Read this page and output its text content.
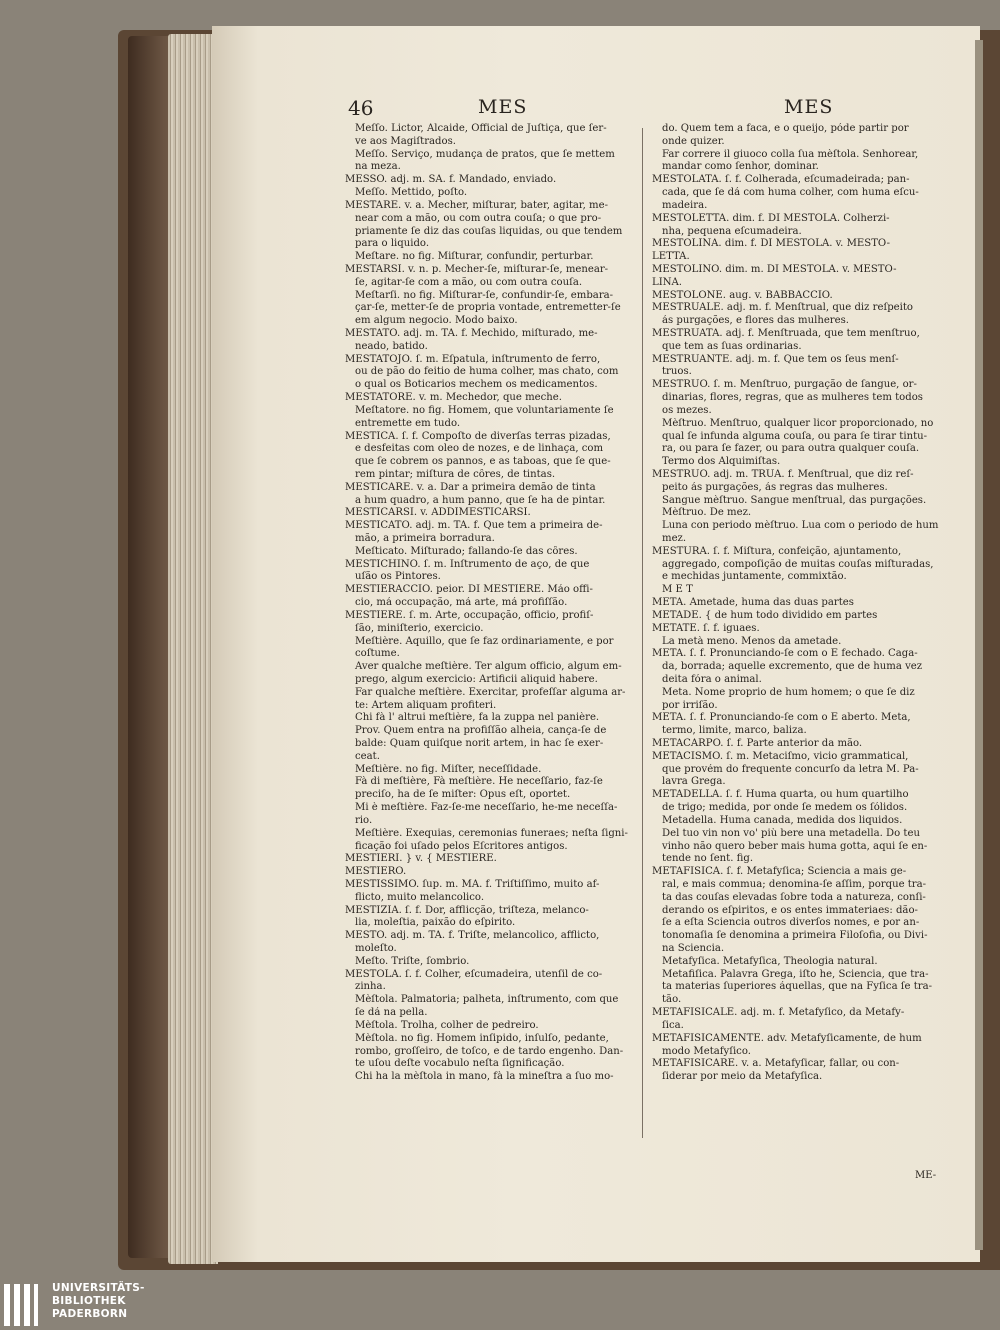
46	MES	MES
Meſſo. Lictor, Alcaide, Official de Juſtiça, que ſer-
ve aos Magiſtrados.
Meſſo. Serviço, mudança de pratos, que ſe mettem
na meza.
MESSO. adj. m. SA. f. Mandado, enviado.
Meſſo. Mettido, poſto.
MESTARE. v. a. Mecher, miſturar, bater, agitar, me-
near com a mão, ou com outra couſa; o que pro-
priamente ſe diz das couſas liquidas, ou que tendem
para o liquido.
Meſtare. no fig. Miſturar, confundir, perturbar.
MESTARSI. v. n. p. Mecher-ſe, miſturar-ſe, menear-
ſe, agitar-ſe com a mão, ou com outra couſa.
Meſtarſi. no fig. Miſturar-ſe, confundir-ſe, embara-
çar-ſe, metter-ſe de propria vontade, entremetter-ſe
em algum negocio. Modo baixo.
MESTATO. adj. m. TA. f. Mechido, miſturado, me-
neado, batido.
MESTATÒJO. ſ. m. Eſpatula, inſtrumento de ferro,
ou de pão do feitio de huma colher, mas chato, com
o qual os Boticarios mechem os medicamentos.
MESTATORE. v. m. Mechedor, que meche.
Meſtatore. no fig. Homem, que voluntariamente ſe
entremette em tudo.
MESTICA. ſ. f. Compoſto de diverſas terras pizadas,
e desfeitas com oleo de nozes, e de linhaça, com
que ſe cobrem os pannos, e as taboas, que ſe que-
rem pintar; miſtura de côres, de tintas.
MESTICARE. v. a. Dar a primeira demão de tinta
a hum quadro, a hum panno, que ſe ha de pintar.
MESTICARSI. v. ADDIMESTICARSI.
MESTICATO. adj. m. TA. f. Que tem a primeira de-
mão, a primeira borradura.
Meſticato. Miſturado; fallando-ſe das côres.
MESTICHINO. ſ. m. Inſtrumento de aço, de que
uſão os Pintores.
MESTIERÀCCIO. peior. DI MESTIÈRE. Máo offi-
cio, má occupação, má arte, má profiſſão.
MESTIÈRE. ſ. m. Arte, occupação, officio, profiſ-
ſão, miniſterio, exercicio.
Meſtière. Aquillo, que ſe faz ordinariamente, e por
coſtume.
Aver qualche meſtière. Ter algum officio, algum em-
prego, algum exercicio: Artificii aliquid habere.
Far qualche meſtière. Exercitar, profeſſar alguma ar-
te: Artem aliquam profiteri.
Chi fà l' altrui meſtière, fa la zuppa nel panière.
Prov. Quem entra na profiſſão alheia, cança-ſe de
balde: Quam quiſque norit artem, in hac ſe exer-
ceat.
Meſtière. no fig. Miſter, neceſſidade.
Fà di meſtière, Fà meſtière. He neceſſario, faz-ſe
preciſo, ha de ſe miſter: Opus eſt, oportet.
Mi è meſtière. Faz-ſe-me neceſſario, he-me neceſſa-
rio.
Meſtière. Exequias, ceremonias funeraes; neſta ſigni-
ficação foi uſado pelos Eſcritores antigos.
MESTIÈRI. } v. { MESTIÈRE.
MESTIÈRO.
MESTISSIMO. ſup. m. MA. f. Triſtiſſimo, muito af-
flicto, muito melancolico.
MESTÌZIA. ſ. f. Dor, afflicção, triſteza, melanco-
lia, moleſtia, paixão do eſpirito.
MESTO. adj. m. TA. f. Triſte, melancolico, afflicto,
moleſto.
Meſto. Triſte, ſombrio.
MÈSTOLA. ſ. f. Colher, eſcumadeira, utenſil de co-
zinha.
Mèſtola. Palmatoria; palheta, inſtrumento, com que
ſe dá na pella.
Mèſtola. Trolha, colher de pedreiro.
Mèſtola. no fig. Homem inſipido, inſulſo, pedante,
rombo, groſſeiro, de toſco, e de tardo engenho. Dan-
te uſou deſte vocabulo neſta ſignificação.
Chi ha la mèſtola in mano, fà la mineſtra a ſuo mo-
do. Quem tem a faca, e o queijo, póde partir por
onde quizer.
Far correre il giuoco colla ſua mèſtola. Senhorear,
mandar como ſenhor, dominar.
MESTOLÀTA. ſ. f. Colherada, eſcumadeirada; pan-
cada, que ſe dá com huma colher, com huma eſcu-
madeira.
MESTOLETTA. dim. f. DI MÈSTOLA. Colherzi-
nha, pequena eſcumadeira.
MESTOLÌNA. dim. f. DI MÈSTOLA. v. MESTO-
LETTA.
MESTOLINO. dim. m. DI MÈSTOLA. v. MESTO-
LÌNA.
MESTOLÒNE. aug. v. BABBACCIO.
MESTRUÀLE. adj. m. f. Menſtrual, que diz reſpeito
ás purgações, e flores das mulheres.
MESTRUÀTA. adj. f. Menſtruada, que tem menſtruo,
que tem as ſuas ordinarias.
MESTRUANTE. adj. m. f. Que tem os ſeus menſ-
truos.
MÈSTRUO. ſ. m. Menſtruo, purgação de ſangue, or-
dinarias, flores, regras, que as mulheres tem todos
os mezes.
Mèſtruo. Menſtruo, qualquer licor proporcionado, no
qual ſe infunda alguma couſa, ou para ſe tirar tintu-
ra, ou para ſe fazer, ou para outra qualquer couſa.
Termo dos Alquimiſtas.
MÈSTRUO. adj. m. TRUA. f. Menſtrual, que diz reſ-
peito ás purgações, ás regras das mulheres.
Sangue mèſtruo. Sangue menſtrual, das purgações.
Mèſtruo. De mez.
Luna con periodo mèſtruo. Lua com o periodo de hum
mez.
MESTÙRA. ſ. f. Miſtura, confeição, ajuntamento,
aggregado, compoſição de muitas couſas miſturadas,
e mechidas juntamente, commixtão.
M E T
METÀ. Ametade, huma das duas partes
METADE. { de hum todo dividido em partes
METATE. ſ. f. iguaes.
La metà meno. Menos da ametade.
META. ſ. f. Pronunciando-ſe com o E fechado. Caga-
da, borrada; aquelle excremento, que de huma vez
deita fóra o animal.
Meta. Nome proprio de hum homem; o que ſe diz
por irriſão.
META. ſ. f. Pronunciando-ſe com o E aberto. Meta,
termo, limite, marco, baliza.
METACARPO. ſ. f. Parte anterior da mão.
METACISMO. ſ. m. Metaciſmo, vicio grammatical,
que provém do frequente concurſo da letra M. Pa-
lavra Grega.
METADELLA. ſ. f. Huma quarta, ou hum quartilho
de trigo; medida, por onde ſe medem os ſólidos.
Metadella. Huma canada, medida dos liquidos.
Del tuo vin non vo' più bere una metadella. Do teu
vinho não quero beber mais huma gotta, aqui ſe en-
tende no ſent. fig.
METAFISICA. ſ. f. Metafyſica; Sciencia a mais ge-
ral, e mais commua; denomina-ſe aſſim, porque tra-
ta das couſas elevadas ſobre toda a natureza, conſi-
derando os eſpiritos, e os entes immateriaes: dão-
ſe a eſta Sciencia outros diverſos nomes, e por an-
tonomaſia ſe denomina a primeira Filoſofia, ou Divi-
na Sciencia.
Metafyſica. Metafyſica, Theologia natural.
Metafiſica. Palavra Grega, iſto he, Sciencia, que tra-
ta materias ſuperiores áquellas, que na Fyſica ſe tra-
tão.
METAFISICÀLE. adj. m. f. Metafyſico, da Metafy-
ſica.
METAFISICAMENTE. adv. Metafyſicamente, de hum
modo Metafyſico.
METAFISICARE. v. a. Metafyſicar, fallar, ou con-
ſiderar por meio da Metafyſica.
ME-
UNIVERSITÄTS-
BIBLIOTHEK
PADERBORN
